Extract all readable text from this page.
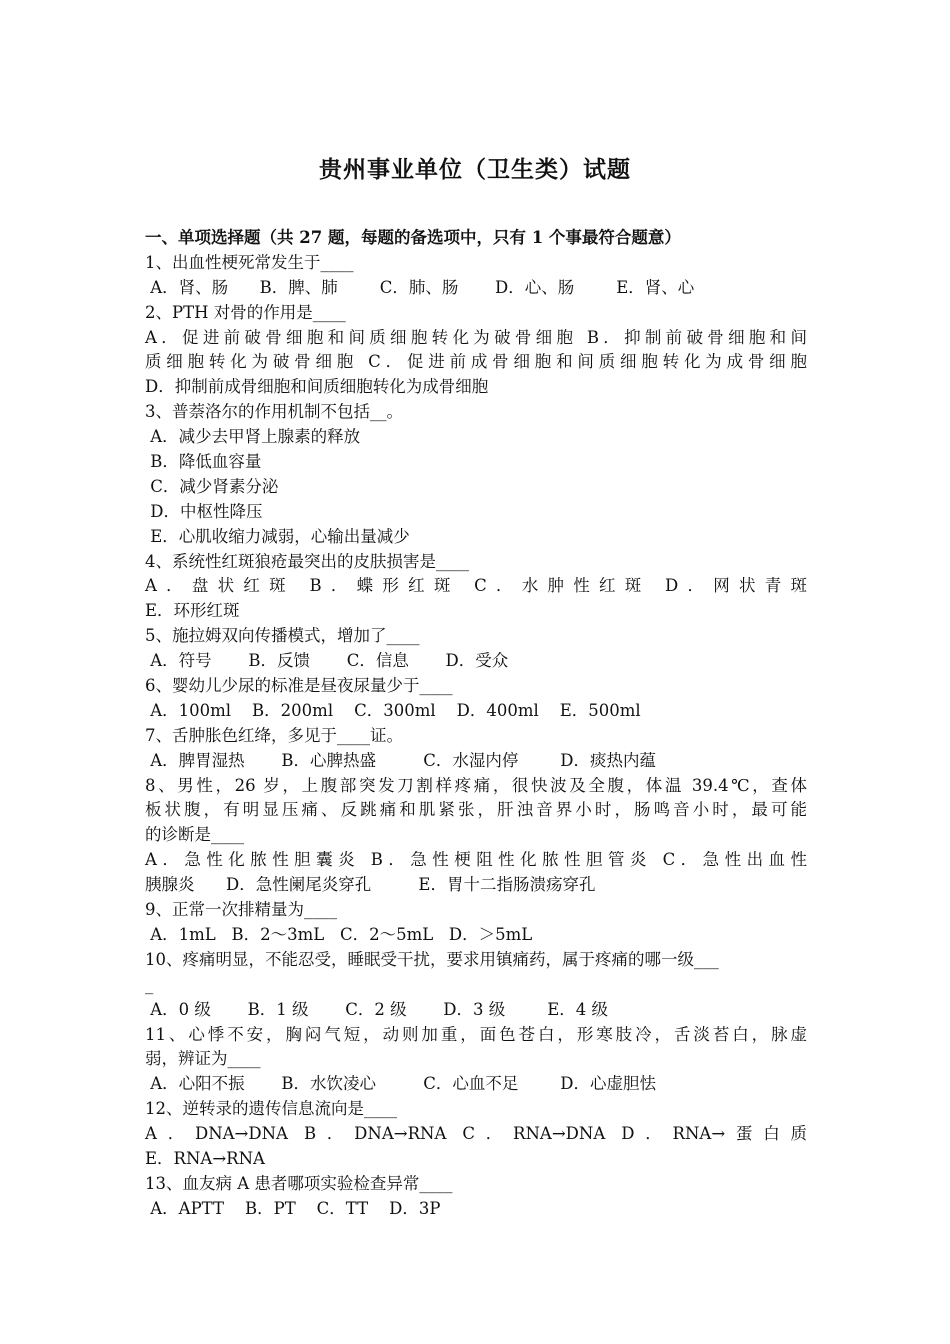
贵州事业单位（卫生类）试题
一、单项选择题（共 27 题，每题的备选项中，只有 1 个事最符合题意）
1、出血性梗死常发生于____
A．肾、肠      B．脾、肺        C．肺、肠       D．心、肠        E．肾、心
2、PTH 对骨的作用是____
A．促进前破骨细胞和间质细胞转化为破骨细胞 B．抑制前破骨细胞和间
质细胞转化为破骨细胞 C．促进前成骨细胞和间质细胞转化为成骨细胞
D．抑制前成骨细胞和间质细胞转化为成骨细胞
3、普萘洛尔的作用机制不包括__。
A．减少去甲肾上腺素的释放
B．降低血容量
C．减少肾素分泌
D．中枢性降压
E．心肌收缩力减弱，心输出量减少
4、系统性红斑狼疮最突出的皮肤损害是____
A．盘状红斑 B．蝶形红斑 C．水肿性红斑 D．网状青斑
E．环形红斑
5、施拉姆双向传播模式，增加了____
A．符号       B．反馈       C．信息       D．受众
6、婴幼儿少尿的标准是昼夜尿量少于____
A．100ml    B．200ml    C．300ml    D．400ml    E．500ml
7、舌肿胀色红绛，多见于____证。
A．脾胃湿热       B．心脾热盛         C．水湿内停        D．痰热内蕴
8、男性，26 岁，上腹部突发刀割样疼痛，很快波及全腹，体温 39.4℃，查体
板状腹，有明显压痛、反跳痛和肌紧张，肝浊音界小时，肠鸣音小时，最可能
的诊断是____
A．急性化脓性胆囊炎 B．急性梗阻性化脓性胆管炎 C．急性出血性
胰腺炎      D．急性阑尾炎穿孔         E．胃十二指肠溃疡穿孔
9、正常一次排精量为____
A．1mL   B．2～3mL   C．2～5mL   D．＞5mL
10、疼痛明显，不能忍受，睡眠受干扰，要求用镇痛药，属于疼痛的哪一级___
_
A．0 级       B．1 级       C．2 级       D．3 级        E．4 级
11、心悸不安，胸闷气短，动则加重，面色苍白，形寒肢冷，舌淡苔白，脉虚
弱，辨证为____
A．心阳不振       B．水饮凌心         C．心血不足        D．心虚胆怯
12、逆转录的遗传信息流向是____
A．DNA→DNA B．DNA→RNA C．RNA→DNA D．RNA→蛋白质
E．RNA→RNA
13、血友病 A 患者哪项实验检查异常____
A．APTT    B．PT    C．TT    D．3P
